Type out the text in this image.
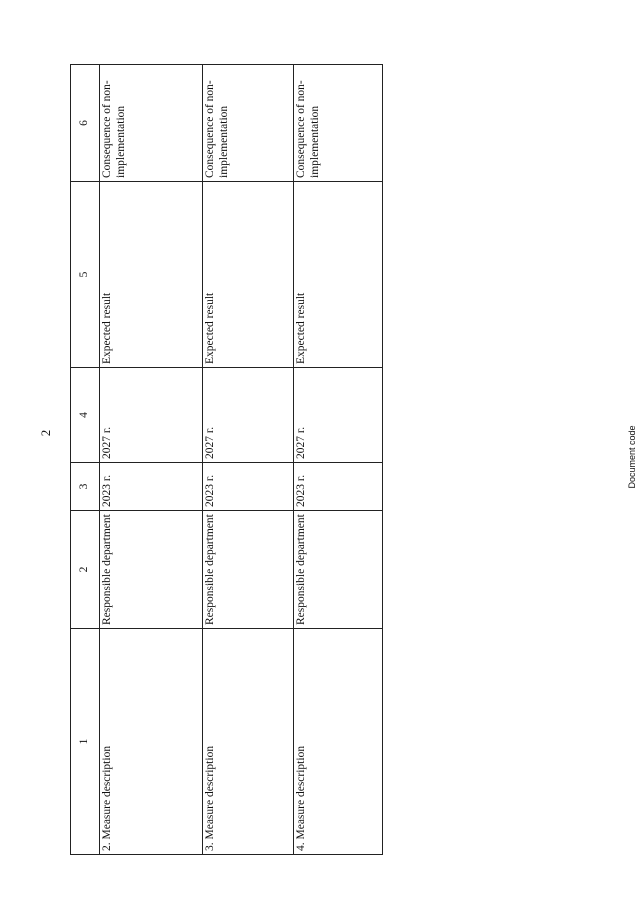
2	Document code
1	2	3	4	5	6
2. Measure description	Responsible department	2023 г.	2027 г.	Expected result	Consequence of non-implementation
3. Measure description	Responsible department	2023 г.	2027 г.	Expected result	Consequence of non-implementation
4. Measure description	Responsible department	2023 г.	2027 г.	Expected result	Consequence of non-implementation
